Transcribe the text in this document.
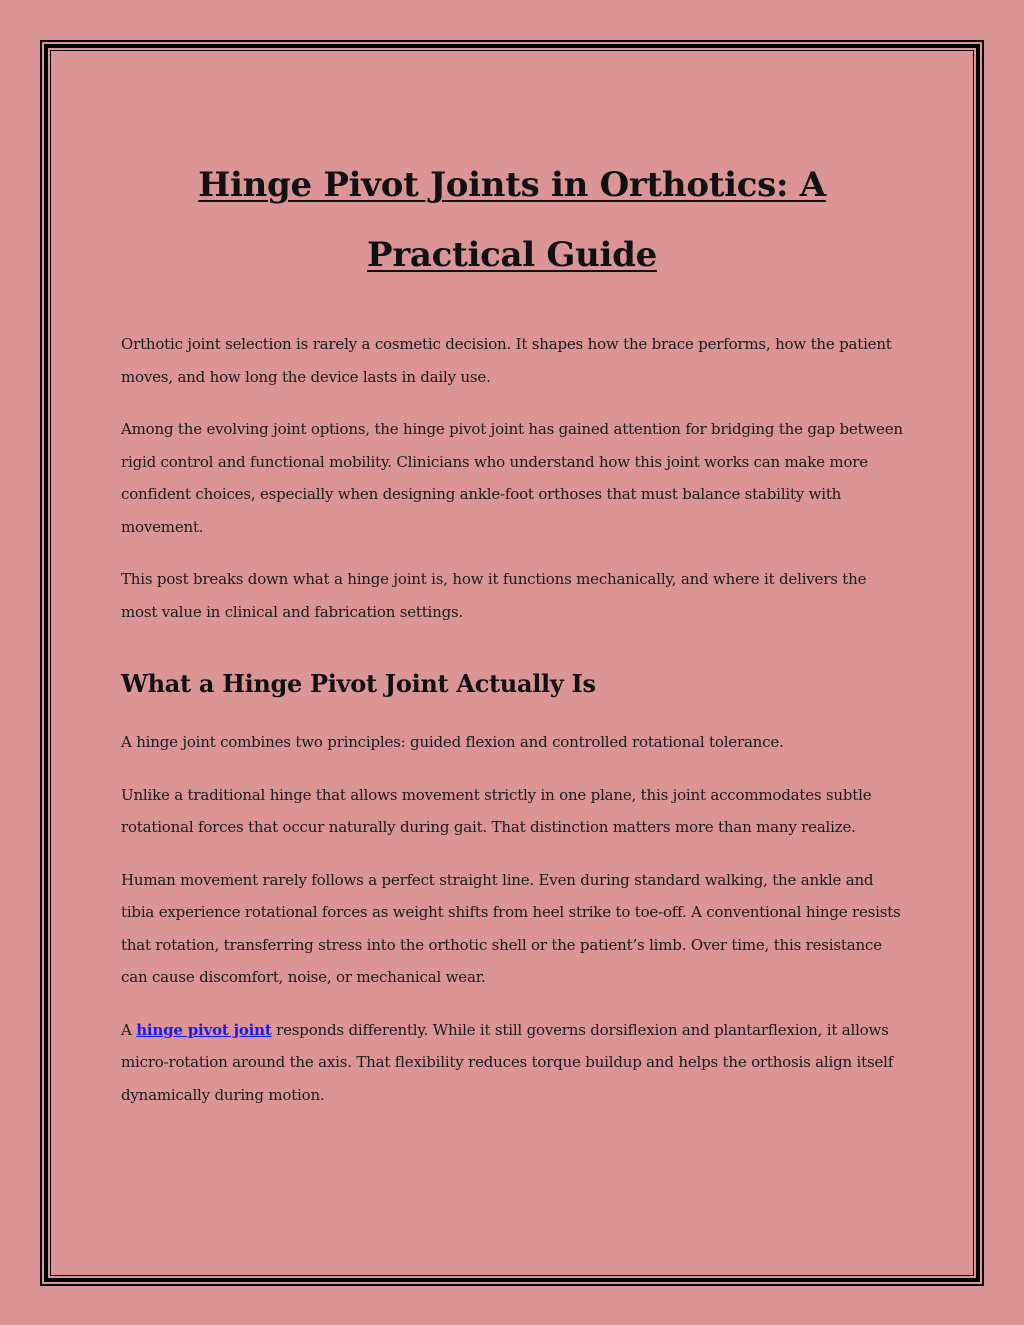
Hinge Pivot Joints in Orthotics: A Practical Guide

Orthotic joint selection is rarely a cosmetic decision. It shapes how the brace performs, how the patient moves, and how long the device lasts in daily use.

Among the evolving joint options, the hinge pivot joint has gained attention for bridging the gap between rigid control and functional mobility. Clinicians who understand how this joint works can make more confident choices, especially when designing ankle-foot orthoses that must balance stability with movement.

This post breaks down what a hinge joint is, how it functions mechanically, and where it delivers the most value in clinical and fabrication settings.

What a Hinge Pivot Joint Actually Is

A hinge joint combines two principles: guided flexion and controlled rotational tolerance.

Unlike a traditional hinge that allows movement strictly in one plane, this joint accommodates subtle rotational forces that occur naturally during gait. That distinction matters more than many realize.

Human movement rarely follows a perfect straight line. Even during standard walking, the ankle and tibia experience rotational forces as weight shifts from heel strike to toe-off. A conventional hinge resists that rotation, transferring stress into the orthotic shell or the patient’s limb. Over time, this resistance can cause discomfort, noise, or mechanical wear.

A hinge pivot joint responds differently. While it still governs dorsiflexion and plantarflexion, it allows micro-rotation around the axis. That flexibility reduces torque buildup and helps the orthosis align itself dynamically during motion.
